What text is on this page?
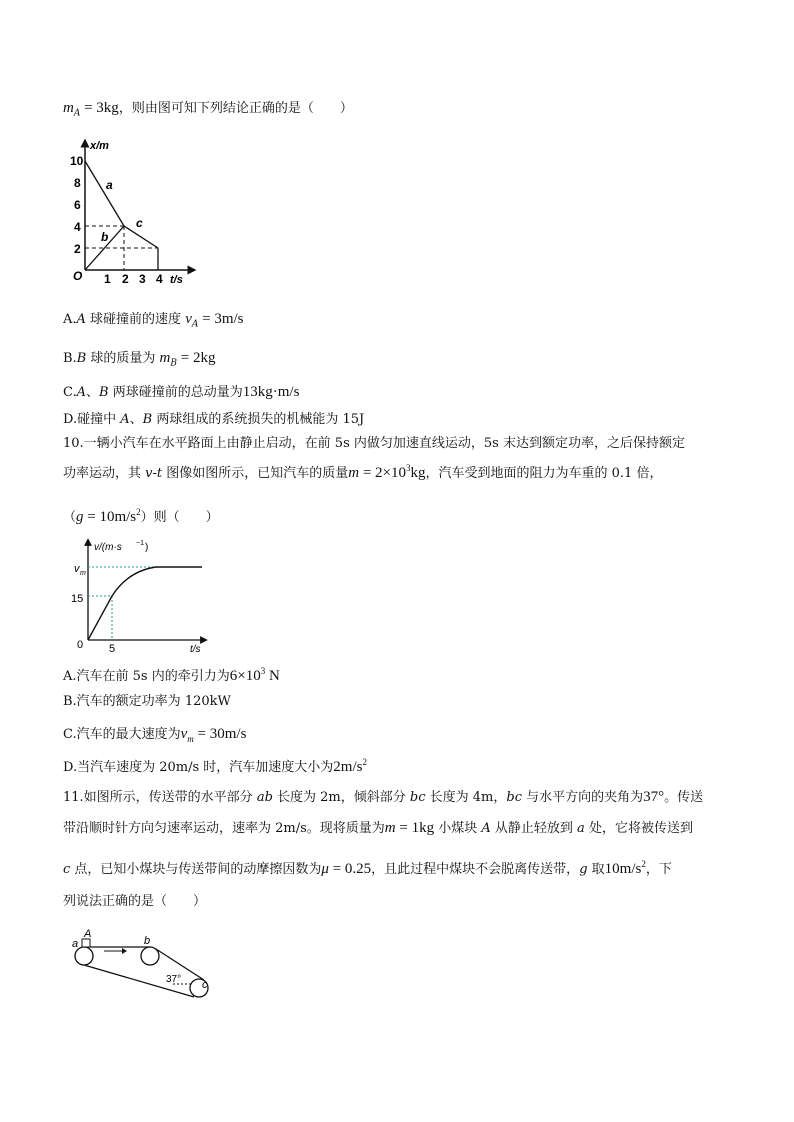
$m_A = 3kg$，则由图可知下列结论正确的是（　　）
x/m
t/s
O
10
8
6
4
2
1 2 3 4
a
b
c
A.A 球碰撞前的速度 $v_A = 3m/s$
B.B 球的质量为 $m_B = 2kg$
C.A、B 两球碰撞前的总动量为13kg·m/s
D.碰撞中 A、B 两球组成的系统损失的机械能为 15J
10.一辆小汽车在水平路面上由静止启动，在前 5s 内做匀加速直线运动，5s 末达到额定功率，之后保持额定
功率运动，其 v-t 图像如图所示，已知汽车的质量$m = 2\times 10^3kg$，汽车受到地面的阻力为车重的 0.1 倍，
$(g = 10m/s^2)$则（　　）
v/(m·s −1 )
t/s
0
15
5
v m
A.汽车在前 5s 内的牵引力为$6\times 10^3$ N
B.汽车的额定功率为 120kW
C.汽车的最大速度为$v_m = 30m/s$
D.当汽车速度为 20m/s 时，汽车加速度大小为$2m/s^2$
11.如图所示，传送带的水平部分 ab 长度为 2m，倾斜部分 bc 长度为 4m，bc 与水平方向的夹角为37°。传送
带沿顺时针方向匀速率运动，速率为 2m/s。现将质量为m = 1kg 小煤块 A 从静止轻放到 a 处，它将被传送到
c 点，已知小煤块与传送带间的动摩擦因数为μ = 0.25，且此过程中煤块不会脱离传送带，g 取$10m/s^2$，下
列说法正确的是（　　）
a
A
b
c
37°
